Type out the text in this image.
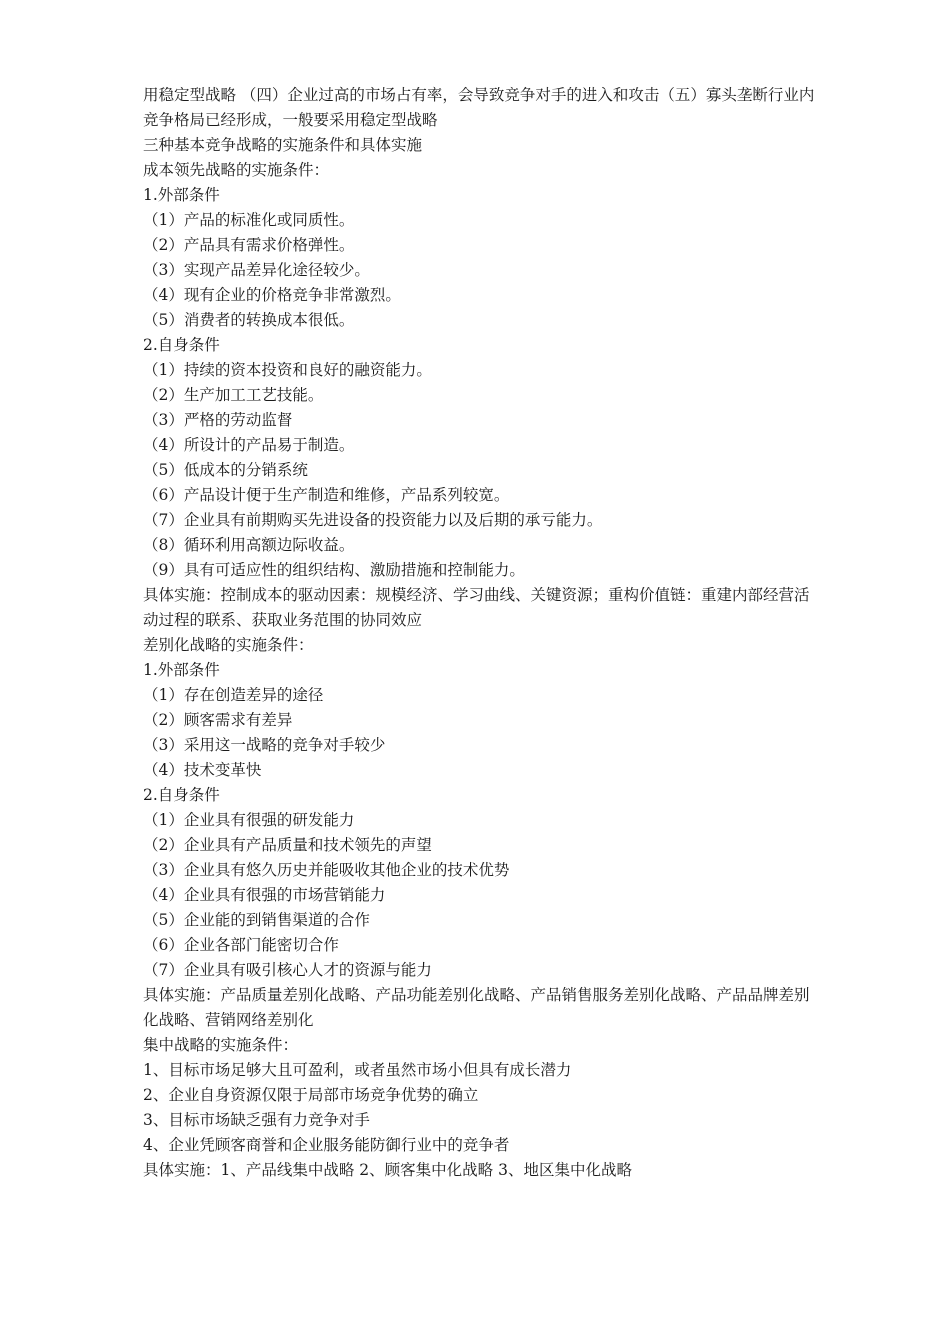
用稳定型战略 （四）企业过高的市场占有率，会导致竞争对手的进入和攻击（五）寡头垄断行业内竞争格局已经形成，一般要采用稳定型战略

三种基本竞争战略的实施条件和具体实施

成本领先战略的实施条件：

1.外部条件

（1）产品的标准化或同质性。

（2）产品具有需求价格弹性。

（3）实现产品差异化途径较少。

（4）现有企业的价格竞争非常激烈。

（5）消费者的转换成本很低。

2.自身条件

（1）持续的资本投资和良好的融资能力。

（2）生产加工工艺技能。

（3）严格的劳动监督

（4）所设计的产品易于制造。

（5）低成本的分销系统

（6）产品设计便于生产制造和维修，产品系列较宽。

（7）企业具有前期购买先进设备的投资能力以及后期的承亏能力。

（8）循环利用高额边际收益。

（9）具有可适应性的组织结构、激励措施和控制能力。

具体实施：控制成本的驱动因素：规模经济、学习曲线、关键资源；重构价值链：重建内部经营活动过程的联系、获取业务范围的协同效应

差别化战略的实施条件：

1.外部条件

（1）存在创造差异的途径

（2）顾客需求有差异

（3）采用这一战略的竞争对手较少

（4）技术变革快

2.自身条件

（1）企业具有很强的研发能力

（2）企业具有产品质量和技术领先的声望

（3）企业具有悠久历史并能吸收其他企业的技术优势

（4）企业具有很强的市场营销能力

（5）企业能的到销售渠道的合作

（6）企业各部门能密切合作

（7）企业具有吸引核心人才的资源与能力

具体实施：产品质量差别化战略、产品功能差别化战略、产品销售服务差别化战略、产品品牌差别化战略、营销网络差别化

集中战略的实施条件：

1、目标市场足够大且可盈利，或者虽然市场小但具有成长潜力

2、企业自身资源仅限于局部市场竞争优势的确立

3、目标市场缺乏强有力竞争对手

4、企业凭顾客商誉和企业服务能防御行业中的竞争者

具体实施：1、产品线集中战略 2、顾客集中化战略 3、地区集中化战略
